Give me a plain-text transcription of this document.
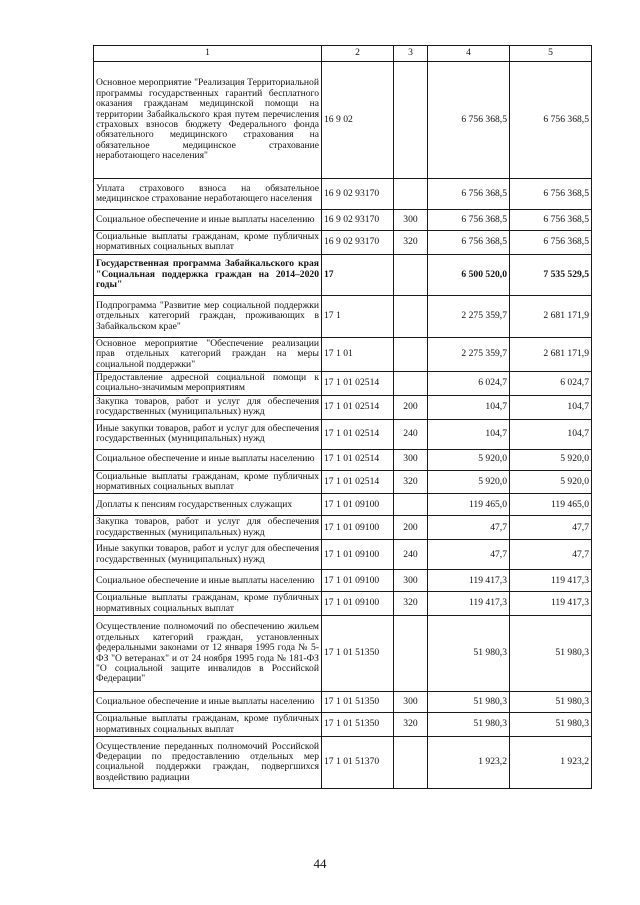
1	2	3	4	5
Основное мероприятие "Реализация Территориальной программы государственных гарантий бесплатного оказания гражданам медицинской помощи на территории Забайкальского края путем перечисления страховых взносов бюджету Федерального фонда обязательного медицинского страхования на обязательное медицинское страхование неработающего населения"	16 9 02		6 756 368,5	6 756 368,5
Уплата страхового взноса на обязательное медицинское страхование неработающего населения	16 9 02 93170		6 756 368,5	6 756 368,5
Социальное обеспечение и иные выплаты населению	16 9 02 93170	300	6 756 368,5	6 756 368,5
Социальные выплаты гражданам, кроме публичных нормативных социальных выплат	16 9 02 93170	320	6 756 368,5	6 756 368,5
Государственная программа Забайкальского края "Социальная поддержка граждан на 2014–2020 годы"	17		6 500 520,0	7 535 529,5
Подпрограмма "Развитие мер социальной поддержки отдельных категорий граждан, проживающих в Забайкальском крае"	17 1		2 275 359,7	2 681 171,9
Основное мероприятие "Обеспечение реализации прав отдельных категорий граждан на меры социальной поддержки"	17 1 01		2 275 359,7	2 681 171,9
Предоставление адресной социальной помощи к социально-значимым мероприятиям	17 1 01 02514		6 024,7	6 024,7
Закупка товаров, работ и услуг для обеспечения государственных (муниципальных) нужд	17 1 01 02514	200	104,7	104,7
Иные закупки товаров, работ и услуг для обеспечения государственных (муниципальных) нужд	17 1 01 02514	240	104,7	104,7
Социальное обеспечение и иные выплаты населению	17 1 01 02514	300	5 920,0	5 920,0
Социальные выплаты гражданам, кроме публичных нормативных социальных выплат	17 1 01 02514	320	5 920,0	5 920,0
Доплаты к пенсиям государственных служащих	17 1 01 09100		119 465,0	119 465,0
Закупка товаров, работ и услуг для обеспечения государственных (муниципальных) нужд	17 1 01 09100	200	47,7	47,7
Иные закупки товаров, работ и услуг для обеспечения государственных (муниципальных) нужд	17 1 01 09100	240	47,7	47,7
Социальное обеспечение и иные выплаты населению	17 1 01 09100	300	119 417,3	119 417,3
Социальные выплаты гражданам, кроме публичных нормативных социальных выплат	17 1 01 09100	320	119 417,3	119 417,3
Осуществление полномочий по обеспечению жильем отдельных категорий граждан, установленных федеральными законами от 12 января 1995 года № 5-ФЗ "О ветеранах" и от 24 ноября 1995 года № 181-ФЗ "О социальной защите инвалидов в Российской Федерации"	17 1 01 51350		51 980,3	51 980,3
Социальное обеспечение и иные выплаты населению	17 1 01 51350	300	51 980,3	51 980,3
Социальные выплаты гражданам, кроме публичных нормативных социальных выплат	17 1 01 51350	320	51 980,3	51 980,3
Осуществление переданных полномочий Российской Федерации по предоставлению отдельных мер социальной поддержки граждан, подвергшихся воздействию радиации	17 1 01 51370		1 923,2	1 923,2
44
